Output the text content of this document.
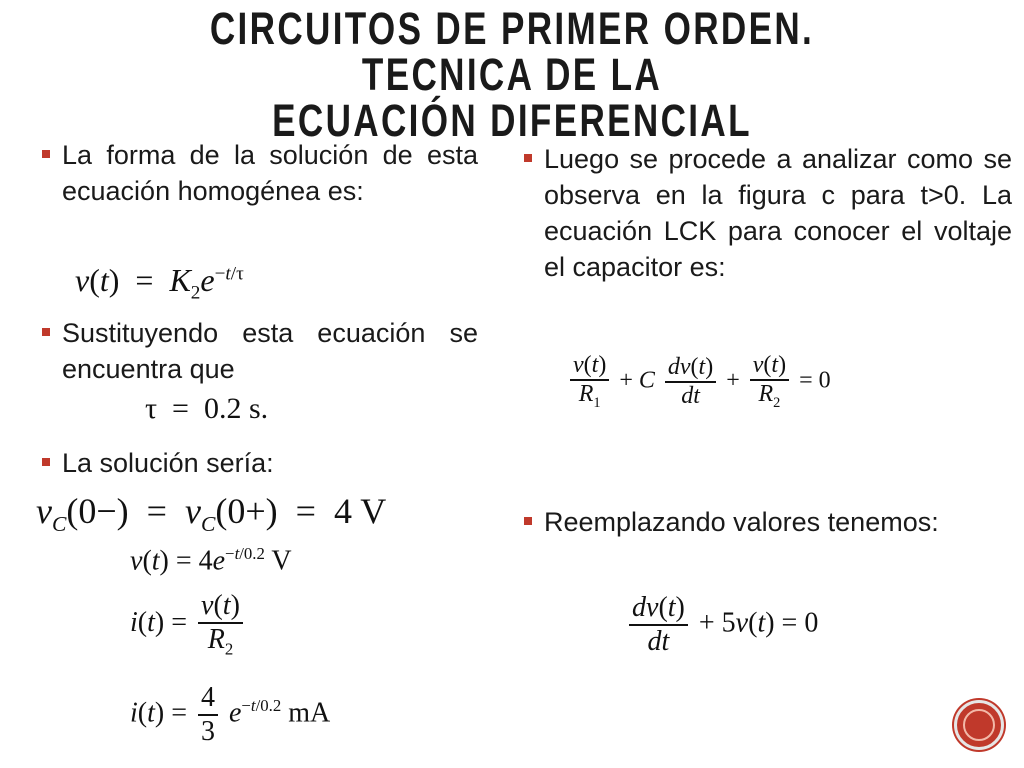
CIRCUITOS DE PRIMER ORDEN. TECNICA DE LA
ECUACIÓN DIFERENCIAL
La forma de la solución de esta ecuación homogénea es:
$v(t) = K_2e^{-t/\tau}$
Sustituyendo esta ecuación se encuentra que
τ  =  0.2 s.
La solución sería:
$v_C(0-) = v_C(0+) = 4$ V
$v(t) = 4e^{-t/0.2}$ V
$i(t) = \frac{v(t)}{R_2}$
$i(t) = \frac{4}{3} e^{-t/0.2}$ mA
Luego se procede a analizar como se observa en la figura c para t>0. La ecuación LCK para conocer el voltaje el capacitor es:
$\frac{v(t)}{R_1} + C \frac{dv(t)}{dt} + \frac{v(t)}{R_2} = 0$
Reemplazando valores tenemos:
$\frac{dv(t)}{dt} + 5v(t) = 0$
